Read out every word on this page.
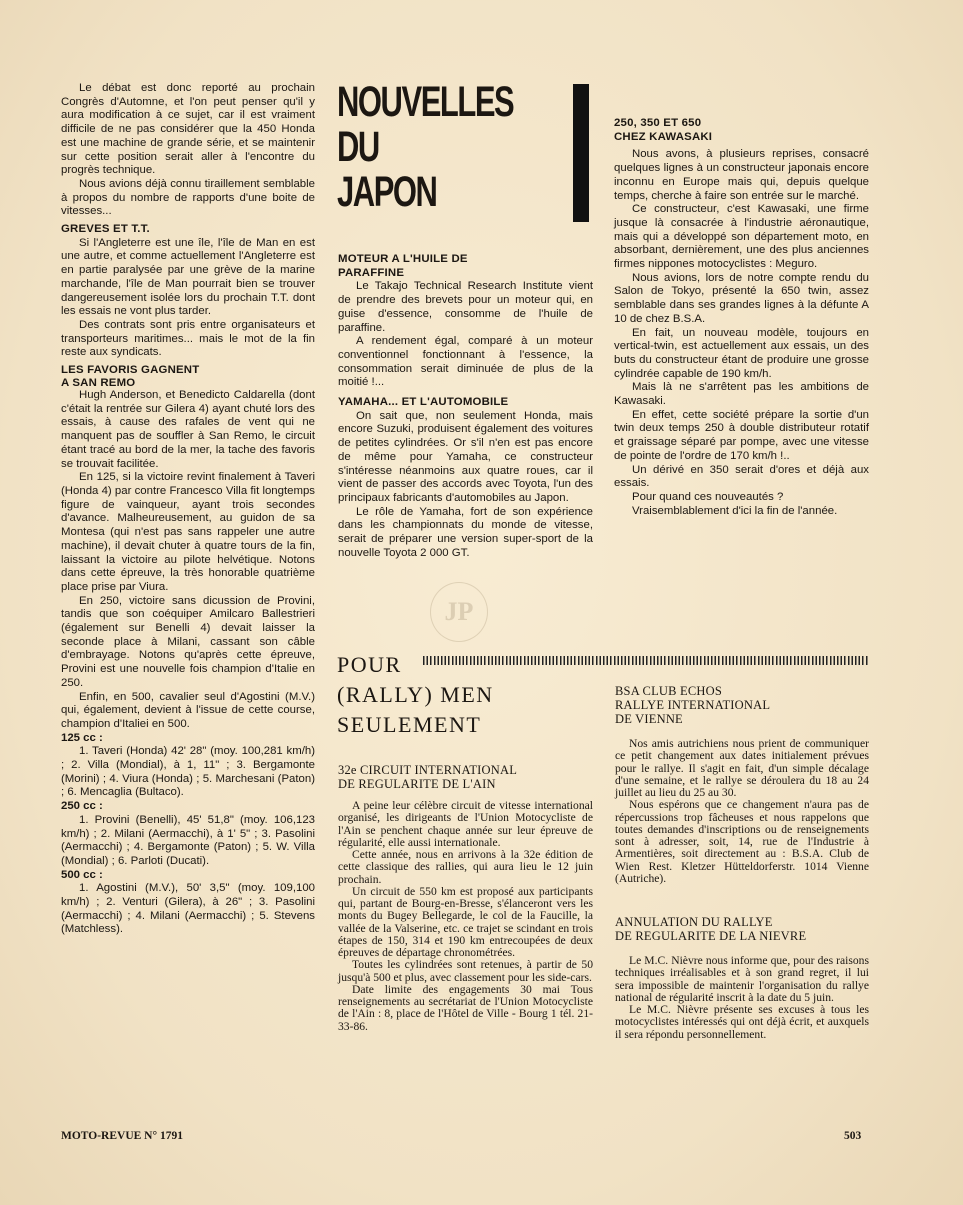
Le débat est donc reporté au prochain Congrès d'Automne, et l'on peut penser qu'il y aura modification à ce sujet, car il est vraiment difficile de ne pas considérer que la 450 Honda est une machine de grande série, et se maintenir sur cette position serait aller à l'encontre du progrès technique.

Nous avions déjà connu tiraillement semblable à propos du nombre de rapports d'une boite de vitesses...

GREVES ET T.T.

Si l'Angleterre est une île, l'île de Man en est une autre, et comme actuellement l'Angleterre est en partie paralysée par une grève de la marine marchande, l'île de Man pourrait bien se trouver dangereusement isolée lors du prochain T.T. dont les essais ne vont plus tarder.

Des contrats sont pris entre organisateurs et transporteurs maritimes... mais le mot de la fin reste aux syndicats.

LES FAVORIS GAGNENT
A SAN REMO

Hugh Anderson, et Benedicto Caldarella (dont c'était la rentrée sur Gilera 4) ayant chuté lors des essais, à cause des rafales de vent qui ne manquent pas de souffler à San Remo, le circuit étant tracé au bord de la mer, la tache des favoris se trouvait facilitée.

En 125, si la victoire revint finalement à Taveri (Honda 4) par contre Francesco Villa fit longtemps figure de vainqueur, ayant trois secondes d'avance. Malheureusement, au guidon de sa Montesa (qui n'est pas sans rappeler une autre machine), il devait chuter à quatre tours de la fin, laissant la victoire au pilote helvétique. Notons dans cette épreuve, la très honorable quatrième place prise par Viura.

En 250, victoire sans dicussion de Provini, tandis que son coéquiper Amilcaro Ballestrieri (également sur Benelli 4) devait laisser la seconde place à Milani, cassant son câble d'embrayage. Notons qu'après cette épreuve, Provini est une nouvelle fois champion d'Italie en 250.

Enfin, en 500, cavalier seul d'Agostini (M.V.) qui, également, devient à l'issue de cette course, champion d'Italiei en 500.

125 cc :

1. Taveri (Honda) 42' 28" (moy. 100,281 km/h) ; 2. Villa (Mondial), à 1, 11" ; 3. Bergamonte (Morini) ; 4. Viura (Honda) ; 5. Marchesani (Paton) ; 6. Mencaglia (Bultaco).

250 cc :

1. Provini (Benelli), 45' 51,8" (moy. 106,123 km/h) ; 2. Milani (Aermacchi), à 1' 5" ; 3. Pasolini (Aermacchi) ; 4. Bergamonte (Paton) ; 5. W. Villa (Mondial) ; 6. Parloti (Ducati).

500 cc :

1. Agostini (M.V.), 50' 3,5" (moy. 109,100 km/h) ; 2. Venturi (Gilera), à 26" ; 3. Pasolini (Aermacchi) ; 4. Milani (Aermacchi) ; 5. Stevens (Matchless).

NOUVELLES
DU
JAPON
MOTEUR A L'HUILE DE
PARAFFINE

Le Takajo Technical Research Institute vient de prendre des brevets pour un moteur qui, en guise d'essence, consomme de l'huile de paraffine.

A rendement égal, comparé à un moteur conventionnel fonctionnant à l'essence, la consommation serait diminuée de plus de la moitié !...

YAMAHA... ET L'AUTOMOBILE

On sait que, non seulement Honda, mais encore Suzuki, produisent également des voitures de petites cylindrées. Or s'il n'en est pas encore de même pour Yamaha, ce constructeur s'intéresse néanmoins aux quatre roues, car il vient de passer des accords avec Toyota, l'un des principaux fabricants d'automobiles au Japon.

Le rôle de Yamaha, fort de son expérience dans les championnats du monde de vitesse, serait de préparer une version super-sport de la nouvelle Toyota 2 000 GT.

250, 350 ET 650
CHEZ KAWASAKI

Nous avons, à plusieurs reprises, consacré quelques lignes à un constructeur japonais encore inconnu en Europe mais qui, depuis quelque temps, cherche à faire son entrée sur le marché.

Ce constructeur, c'est Kawasaki, une firme jusque là consacrée à l'industrie aéronautique, mais qui a développé son département moto, en absorbant, dernièrement, une des plus anciennes firmes nippones motocyclistes : Meguro.

Nous avions, lors de notre compte rendu du Salon de Tokyo, présenté la 650 twin, assez semblable dans ses grandes lignes à la défunte A 10 de chez B.S.A.

En fait, un nouveau modèle, toujours en vertical-twin, est actuellement aux essais, un des buts du constructeur étant de produire une grosse cylindrée capable de 190 km/h.

Mais là ne s'arrêtent pas les ambitions de Kawasaki.

En effet, cette société prépare la sortie d'un twin deux temps 250 à double distributeur rotatif et graissage séparé par pompe, avec une vitesse de pointe de l'ordre de 170 km/h !..

Un dérivé en 350 serait d'ores et déjà aux essais.

Pour quand ces nouveautés ?

Vraisemblablement d'ici la fin de l'année.

JP
POUR
(RALLY) MEN
SEULEMENT
32e CIRCUIT INTERNATIONAL
DE REGULARITE DE L'AIN

A peine leur célèbre circuit de vitesse international organisé, les dirigeants de l'Union Motocycliste de l'Ain se penchent chaque année sur leur épreuve de régularité, elle aussi internationale.

Cette année, nous en arrivons à la 32e édition de cette classique des rallies, qui aura lieu le 12 juin prochain.

Un circuit de 550 km est proposé aux participants qui, partant de Bourg-en-Bresse, s'élanceront vers les monts du Bugey Bellegarde, le col de la Faucille, la vallée de la Valserine, etc. ce trajet se scindant en trois étapes de 150, 314 et 190 km entrecoupées de deux épreuves de départage chronométrées.

Toutes les cylindrées sont retenues, à partir de 50 jusqu'à 500 et plus, avec classement pour les side-cars.

Date limite des engagements 30 mai Tous renseignements au secrétariat de l'Union Motocycliste de l'Ain : 8, place de l'Hôtel de Ville - Bourg 1 tél. 21-33-86.

BSA CLUB ECHOS
RALLYE INTERNATIONAL
DE VIENNE

Nos amis autrichiens nous prient de communiquer ce petit changement aux dates initialement prévues pour le rallye. Il s'agit en fait, d'un simple décalage d'une semaine, et le rallye se déroulera du 18 au 24 juillet au lieu du 25 au 30.

Nous espérons que ce changement n'aura pas de répercussions trop fâcheuses et nous rappelons que toutes demandes d'inscriptions ou de renseignements sont à adresser, soit, 14, rue de l'Industrie à Armentières, soit directement au : B.S.A. Club de Wien Rest. Kletzer Hütteldorferstr. 1014 Vienne (Autriche).

ANNULATION DU RALLYE
DE REGULARITE DE LA NIEVRE

Le M.C. Nièvre nous informe que, pour des raisons techniques irréalisables et à son grand regret, il lui sera impossible de maintenir l'organisation du rallye national de régularité inscrit à la date du 5 juin.

Le M.C. Nièvre présente ses excuses à tous les motocyclistes intéressés qui ont déjà écrit, et auxquels il sera répondu personnellement.

MOTO-REVUE N° 1791	503
